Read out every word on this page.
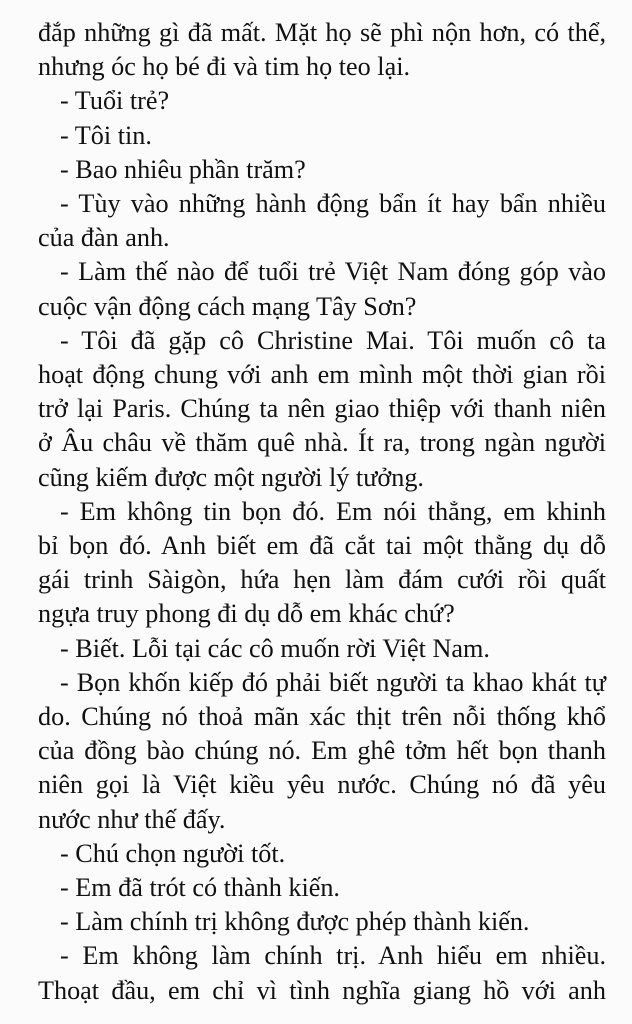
đắp những gì đã mất. Mặt họ sẽ phì nộn hơn, có thể,
nhưng óc họ bé đi và tim họ teo lại.
- Tuổi trẻ?
- Tôi tin.
- Bao nhiêu phần trăm?
- Tùy vào những hành động bẩn ít hay bẩn nhiều
của đàn anh.
- Làm thế nào để tuổi trẻ Việt Nam đóng góp vào
cuộc vận động cách mạng Tây Sơn?
- Tôi đã gặp cô Christine Mai. Tôi muốn cô ta
hoạt động chung với anh em mình một thời gian rồi
trở lại Paris. Chúng ta nên giao thiệp với thanh niên
ở Âu châu về thăm quê nhà. Ít ra, trong ngàn người
cũng kiếm được một người lý tưởng.
- Em không tin bọn đó. Em nói thẳng, em khinh
bỉ bọn đó. Anh biết em đã cắt tai một thằng dụ dỗ
gái trinh Sàigòn, hứa hẹn làm đám cưới rồi quất
ngựa truy phong đi dụ dỗ em khác chứ?
- Biết. Lỗi tại các cô muốn rời Việt Nam.
- Bọn khốn kiếp đó phải biết người ta khao khát tự
do. Chúng nó thoả mãn xác thịt trên nỗi thống khổ
của đồng bào chúng nó. Em ghê tởm hết bọn thanh
niên gọi là Việt kiều yêu nước. Chúng nó đã yêu
nước như thế đấy.
- Chú chọn người tốt.
- Em đã trót có thành kiến.
- Làm chính trị không được phép thành kiến.
- Em không làm chính trị. Anh hiểu em nhiều.
Thoạt đầu, em chỉ vì tình nghĩa giang hồ với anh
